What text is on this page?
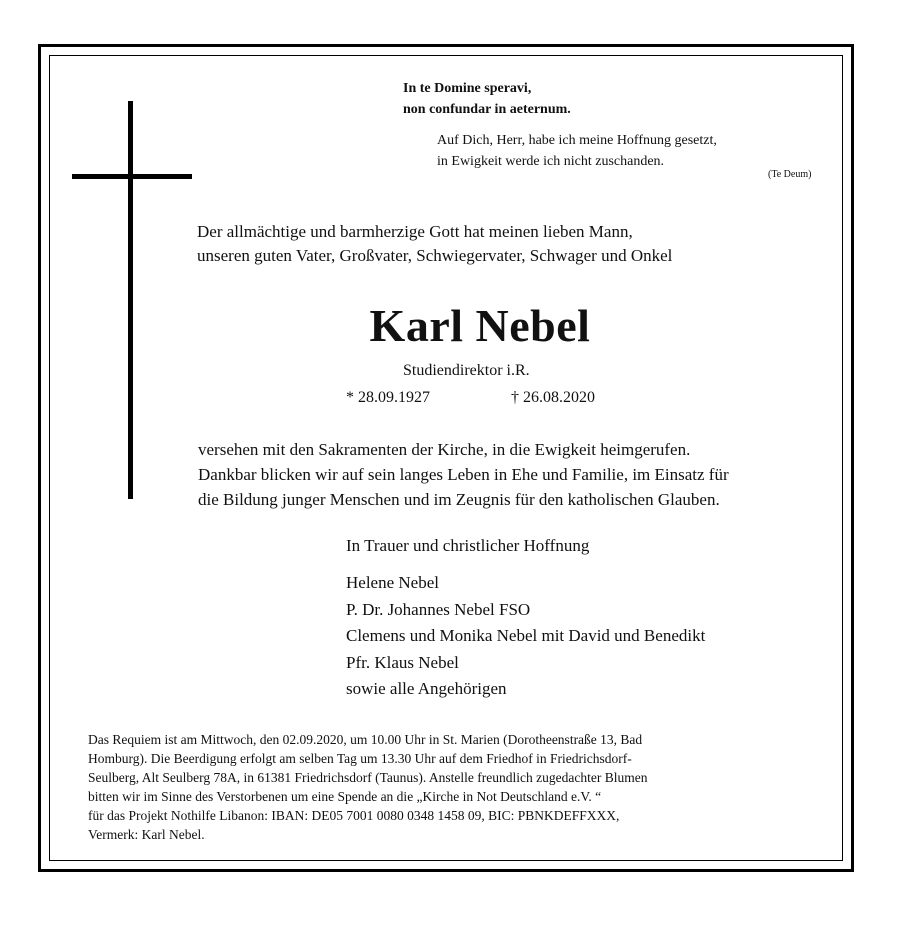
In te Domine speravi,
non confundar in aeternum.
Auf Dich, Herr, habe ich meine Hoffnung gesetzt,
in Ewigkeit werde ich nicht zuschanden.
(Te Deum)
Der allmächtige und barmherzige Gott hat meinen lieben Mann,
unseren guten Vater, Großvater, Schwiegervater, Schwager und Onkel
Karl Nebel
Studiendirektor i.R.
* 28.09.1927	† 26.08.2020
versehen mit den Sakramenten der Kirche, in die Ewigkeit heimgerufen.
Dankbar blicken wir auf sein langes Leben in Ehe und Familie, im Einsatz für
die Bildung junger Menschen und im Zeugnis für den katholischen Glauben.
In Trauer und christlicher Hoffnung
Helene Nebel
P. Dr. Johannes Nebel FSO
Clemens und Monika Nebel mit David und Benedikt
Pfr. Klaus Nebel
sowie alle Angehörigen
Das Requiem ist am Mittwoch, den 02.09.2020, um 10.00 Uhr in St. Marien (Dorotheenstraße 13, Bad
Homburg). Die Beerdigung erfolgt am selben Tag um 13.30 Uhr auf dem Friedhof in Friedrichsdorf-
Seulberg, Alt Seulberg 78A, in 61381 Friedrichsdorf (Taunus). Anstelle freundlich zugedachter Blumen
bitten wir im Sinne des Verstorbenen um eine Spende an die „Kirche in Not Deutschland e.V. “
für das Projekt Nothilfe Libanon: IBAN: DE05 7001 0080 0348 1458 09, BIC: PBNKDEFFXXX,
Vermerk: Karl Nebel.
